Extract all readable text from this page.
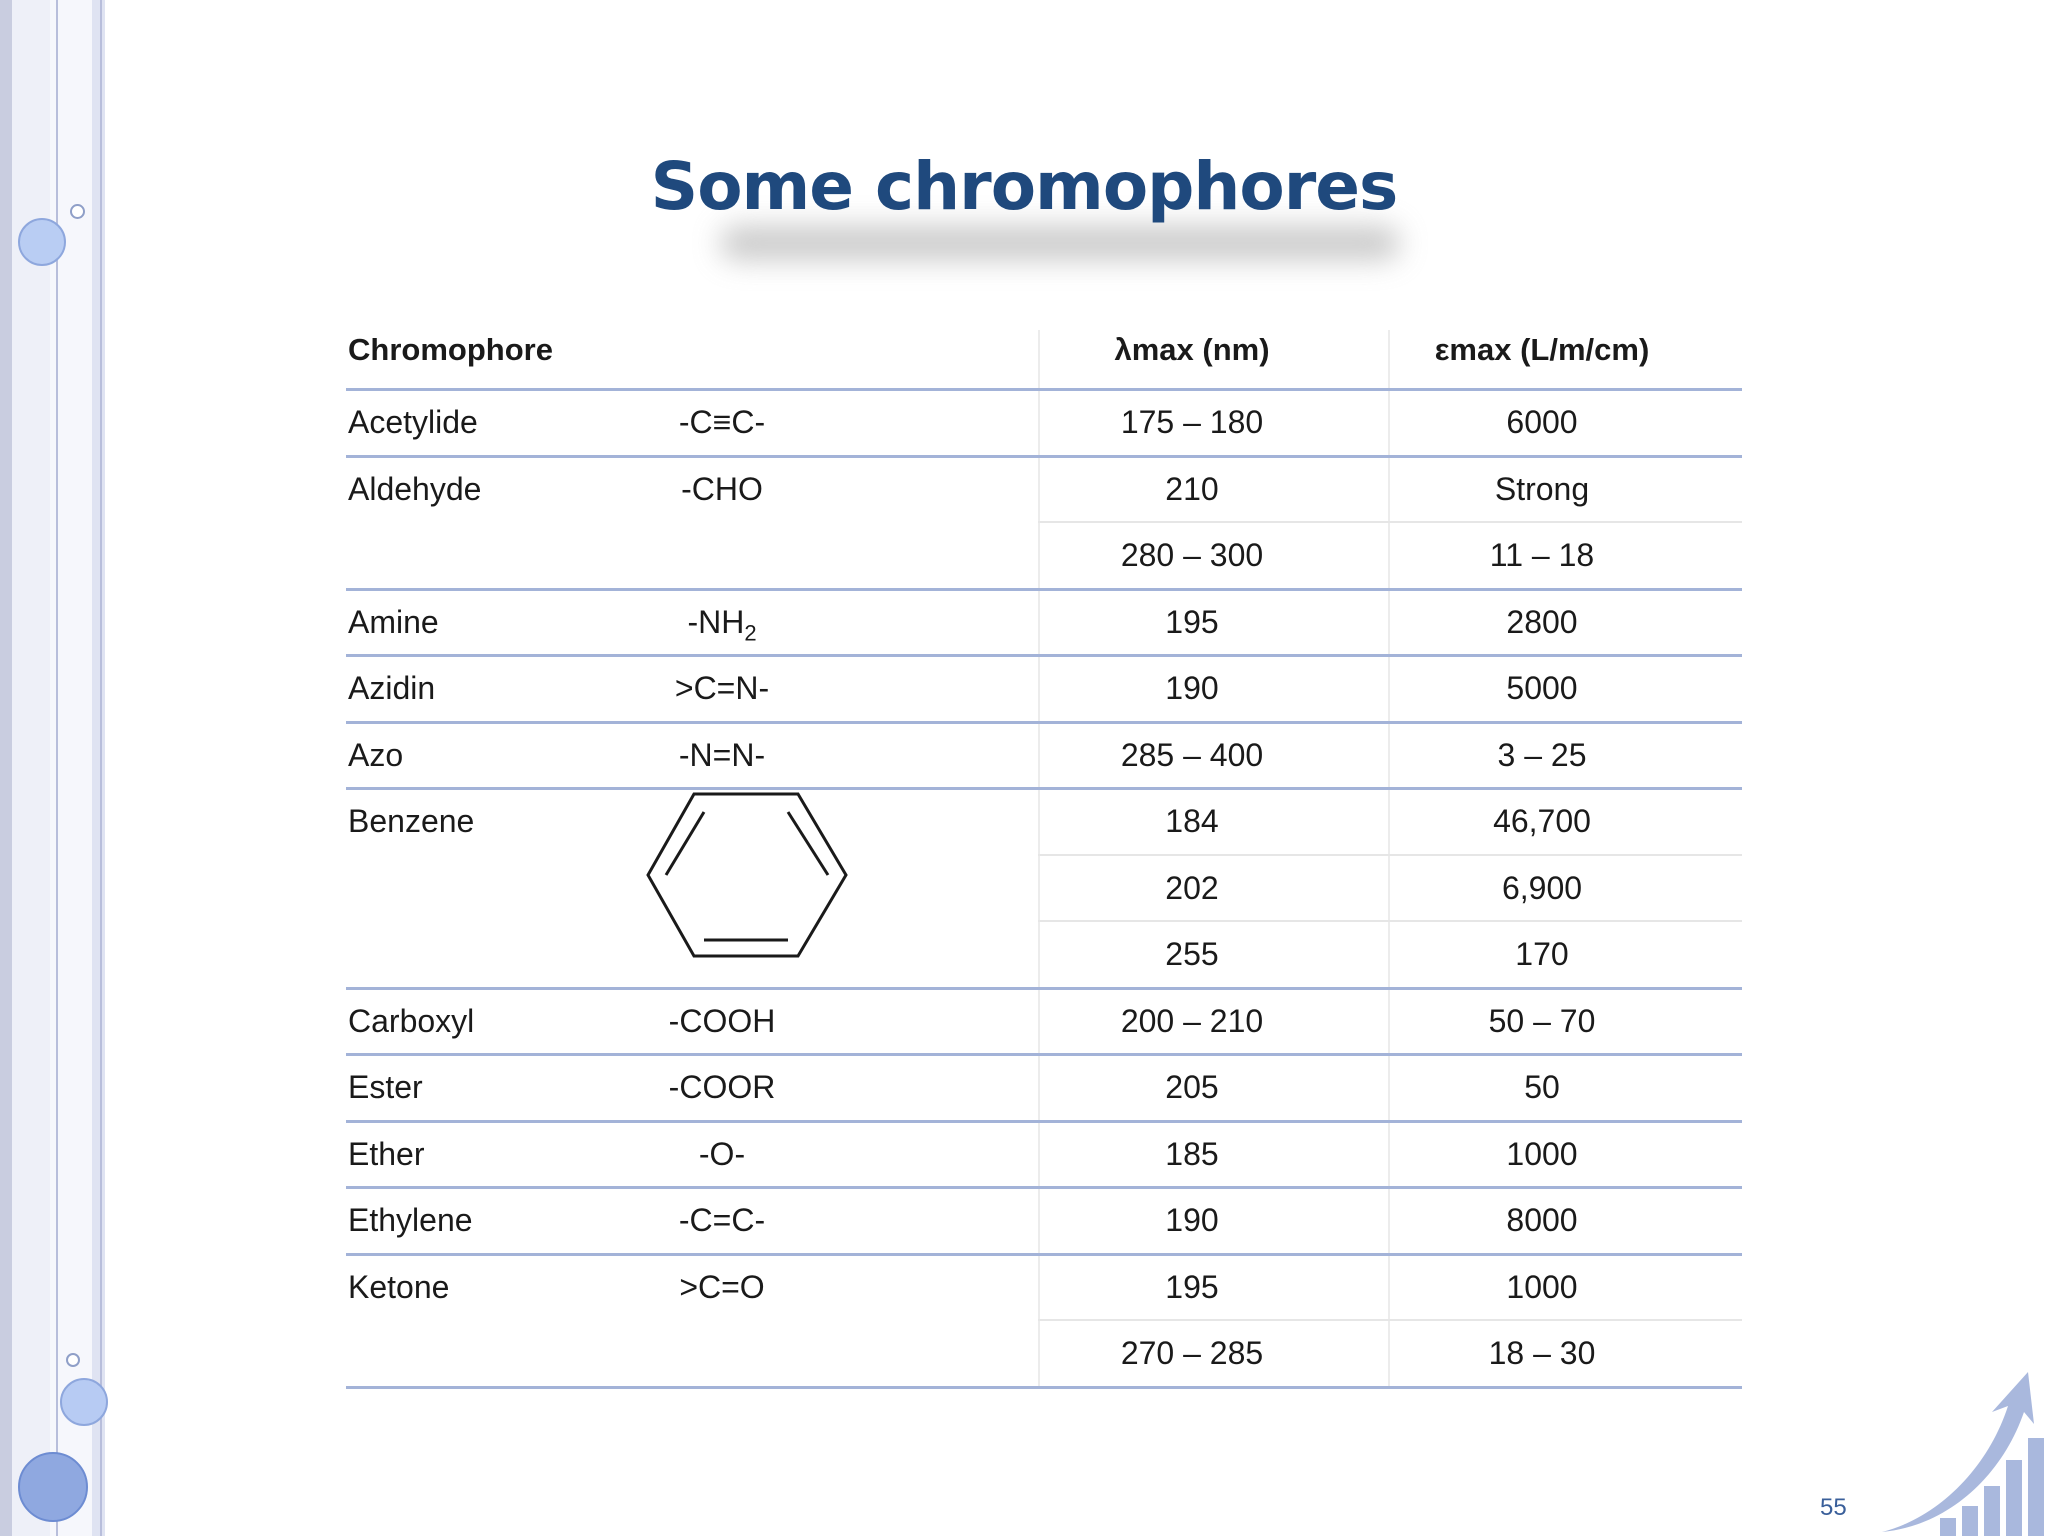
Some chromophores
Chromophore	λmax (nm)	εmax (L/m/cm)
Acetylide	-C≡C-	175 – 180	6000
Aldehyde	-CHO	210	Strong
280 – 300	11 – 18
Amine	$-NH_2$	195	2800
Azidin	>C=N-	190	5000
Azo	-N=N-	285 – 400	3 – 25
Benzene	184	46,700
202	6,900
255	170
Carboxyl	-COOH	200 – 210	50 – 70
Ester	-COOR	205	50
Ether	-O-	185	1000
Ethylene	-C=C-	190	8000
Ketone	>C=O	195	1000
270 – 285	18 – 30
55
